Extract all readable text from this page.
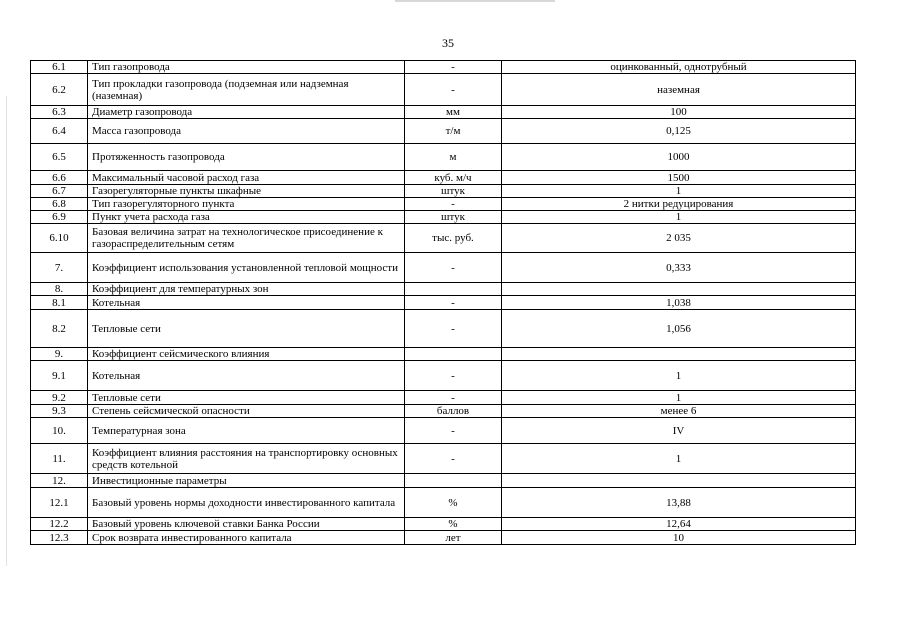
35
6.1	Тип газопровода	-	оцинкованный, однотрубный
6.2	Тип прокладки газопровода (подземная или надземная (наземная)	-	наземная
6.3	Диаметр газопровода	мм	100
6.4	Масса газопровода	т/м	0,125
6.5	Протяженность газопровода	м	1000
6.6	Максимальный часовой расход газа	куб. м/ч	1500
6.7	Газорегуляторные пункты шкафные	штук	1
6.8	Тип газорегуляторного пункта	-	2 нитки редуцирования
6.9	Пункт учета расхода газа	штук	1
6.10	Базовая величина затрат на технологическое присоединение к газораспределительным сетям	тыс. руб.	2 035
7.	Коэффициент использования установленной тепловой мощности	-	0,333
8.	Коэффициент для температурных зон		
8.1	Котельная	-	1,038
8.2	Тепловые сети	-	1,056
9.	Коэффициент сейсмического влияния		
9.1	Котельная	-	1
9.2	Тепловые сети	-	1
9.3	Степень сейсмической опасности	баллов	менее 6
10.	Температурная зона	-	IV
11.	Коэффициент влияния расстояния на транспортировку основных средств котельной	-	1
12.	Инвестиционные параметры		
12.1	Базовый уровень нормы доходности инвестированного капитала	%	13,88
12.2	Базовый уровень ключевой ставки Банка России	%	12,64
12.3	Срок возврата инвестированного капитала	лет	10
